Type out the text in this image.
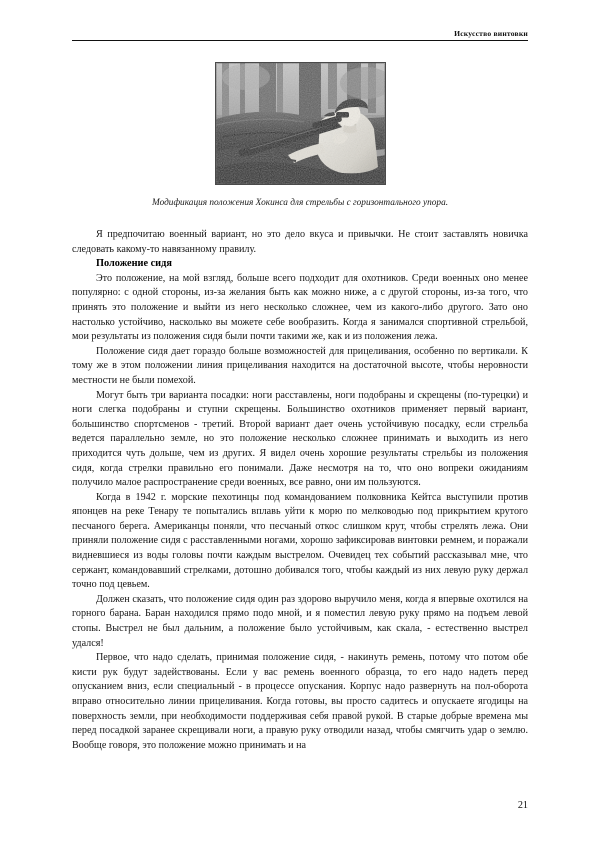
Искусство винтовки
Модификация положения Хокинса для стрельбы с горизонтального упора.

Я предпочитаю военный вариант, но это дело вкуса и привычки. Не стоит заставлять новичка следовать какому-то навязанному правилу.

Положение сидя

Это положение, на мой взгляд, больше всего подходит для охотников. Среди военных оно менее популярно: с одной стороны, из-за желания быть как можно ниже, а с другой стороны, из-за того, что принять это положение и выйти из него несколько сложнее, чем из какого-либо другого. Зато оно настолько устойчиво, насколько вы можете себе вообразить. Когда я занимался спортивной стрельбой, мои результаты из положения сидя были почти такими же, как и из положения лежа.

Положение сидя дает гораздо больше возможностей для прицеливания, особенно по вертикали. К тому же в этом положении линия прицеливания находится на достаточной высоте, чтобы неровности местности не были помехой.

Могут быть три варианта посадки: ноги расставлены, ноги подобраны и скрещены (по-турецки) и ноги слегка подобраны и ступни скрещены. Большинство охотников применяет первый вариант, большинство спортсменов - третий. Второй вариант дает очень устойчивую посадку, если стрельба ведется параллельно земле, но это положение несколько сложнее принимать и выходить из него приходится чуть дольше, чем из других. Я видел очень хорошие результаты стрельбы из положения сидя, когда стрелки правильно его понимали. Даже несмотря на то, что оно вопреки ожиданиям получило малое распространение среди военных, все равно, они им пользуются.

Когда в 1942 г. морские пехотинцы под командованием полковника Кейтса выступили против японцев на реке Тенару те попытались вплавь уйти к морю по мелководью под прикрытием крутого песчаного берега. Американцы поняли, что песчаный откос слишком крут, чтобы стрелять лежа. Они приняли положение сидя с расставленными ногами, хорошо зафиксировав винтовки ремнем, и поражали видневшиеся из воды головы почти каждым выстрелом. Очевидец тех событий рассказывал мне, что сержант, командовавший стрелками, дотошно добивался того, чтобы каждый из них левую руку держал точно под цевьем.

Должен сказать, что положение сидя один раз здорово выручило меня, когда я впервые охотился на горного барана. Баран находился прямо подо мной, и я поместил левую руку прямо на подъем левой стопы. Выстрел не был дальним, а положение было устойчивым, как скала, - естественно выстрел удался!

Первое, что надо сделать, принимая положение сидя, - накинуть ремень, потому что потом обе кисти рук будут задействованы. Если у вас ремень военного образца, то его надо надеть перед опусканием вниз, если специальный - в процессе опускания. Корпус надо развернуть на пол-оборота вправо относительно линии прицеливания. Когда готовы, вы просто садитесь и опускаете ягодицы на поверхность земли, при необходимости поддерживая себя правой рукой. В старые добрые времена мы перед посадкой заранее скрещивали ноги, а правую руку отводили назад, чтобы смягчить удар о землю. Вообще говоря, это положение можно принимать и на

21
